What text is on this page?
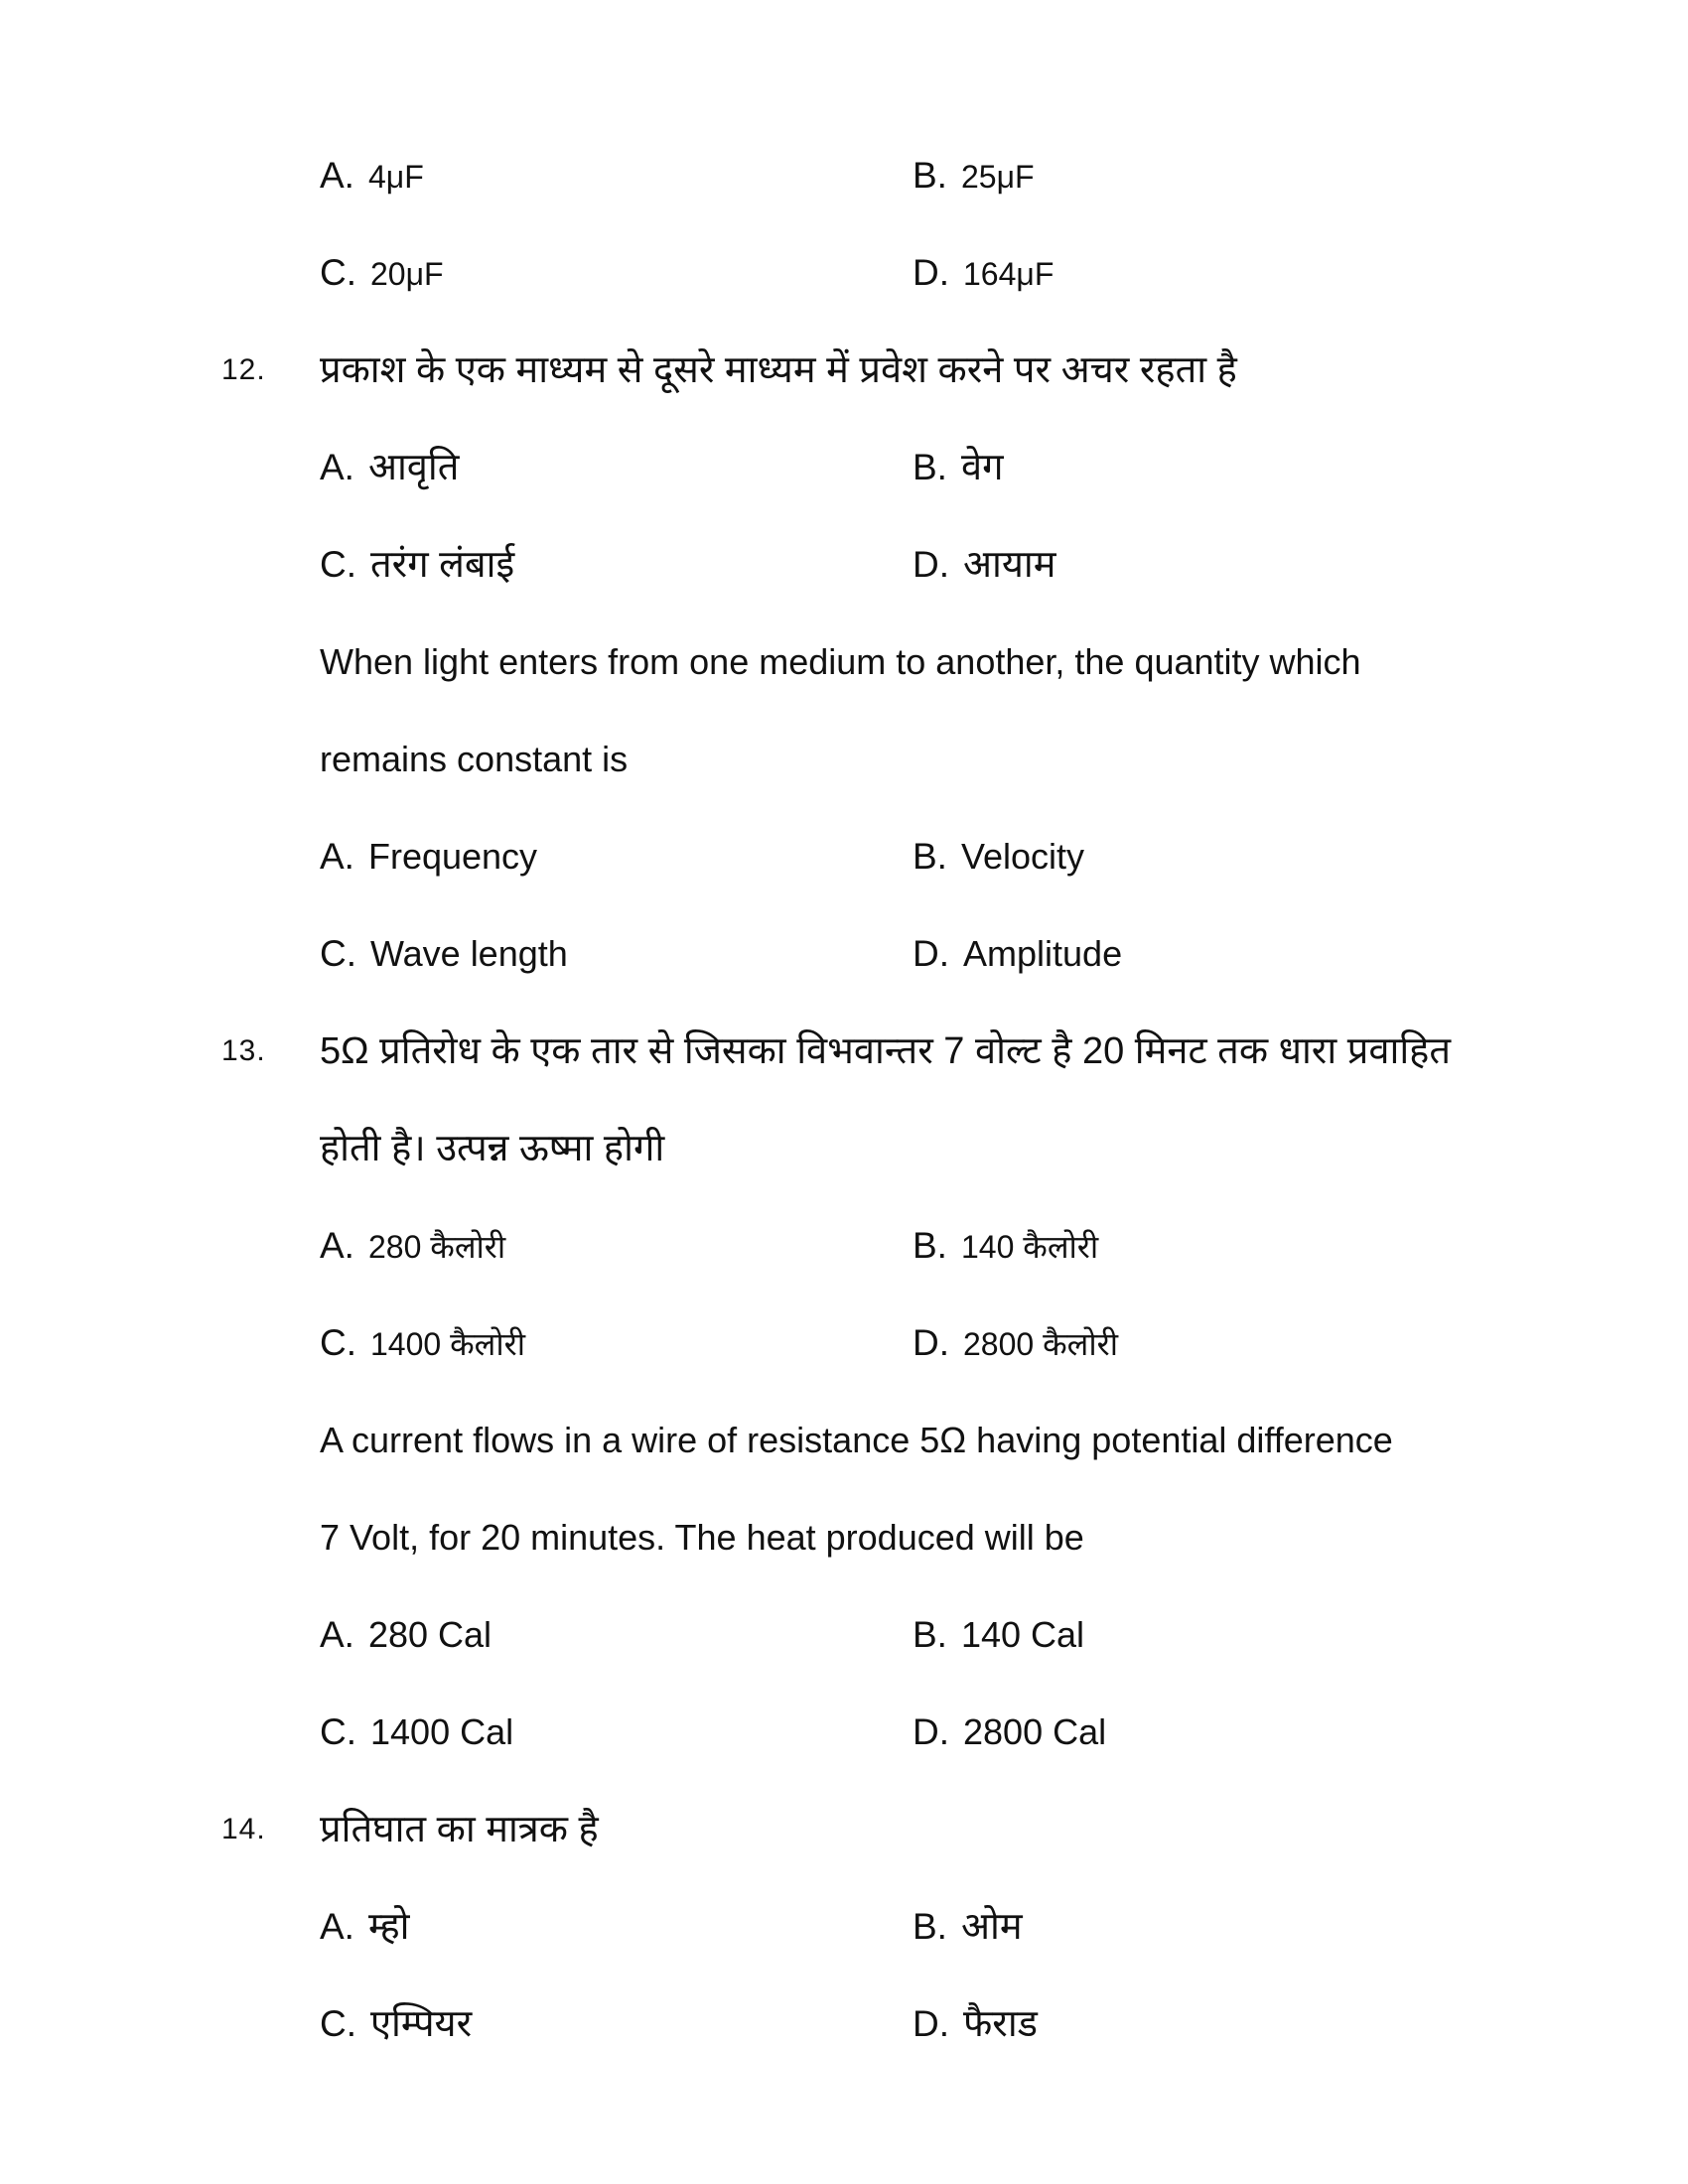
A. 4μF	B. 25μF
C. 20μF	D. 164μF
12. प्रकाश के एक माध्यम से दूसरे माध्यम में प्रवेश करने पर अचर रहता है
A. आवृति	B. वेग
C. तरंग लंबाई	D. आयाम
When light enters from one medium to another, the quantity which
remains constant is
A. Frequency	B. Velocity
C. Wave length	D. Amplitude
13. 5Ω प्रतिरोध के एक तार से जिसका विभवान्तर 7 वोल्ट है 20 मिनट तक धारा प्रवाहित
होती है। उत्पन्न ऊष्मा होगी
A. 280 कैलोरी	B. 140 कैलोरी
C. 1400 कैलोरी	D. 2800 कैलोरी
A current flows in a wire of resistance 5Ω having potential difference
7 Volt, for 20 minutes. The heat produced will be
A. 280 Cal	B. 140 Cal
C. 1400 Cal	D. 2800 Cal
14. प्रतिघात का मात्रक है
A. म्हो	B. ओम
C. एम्पियर	D. फैराड
